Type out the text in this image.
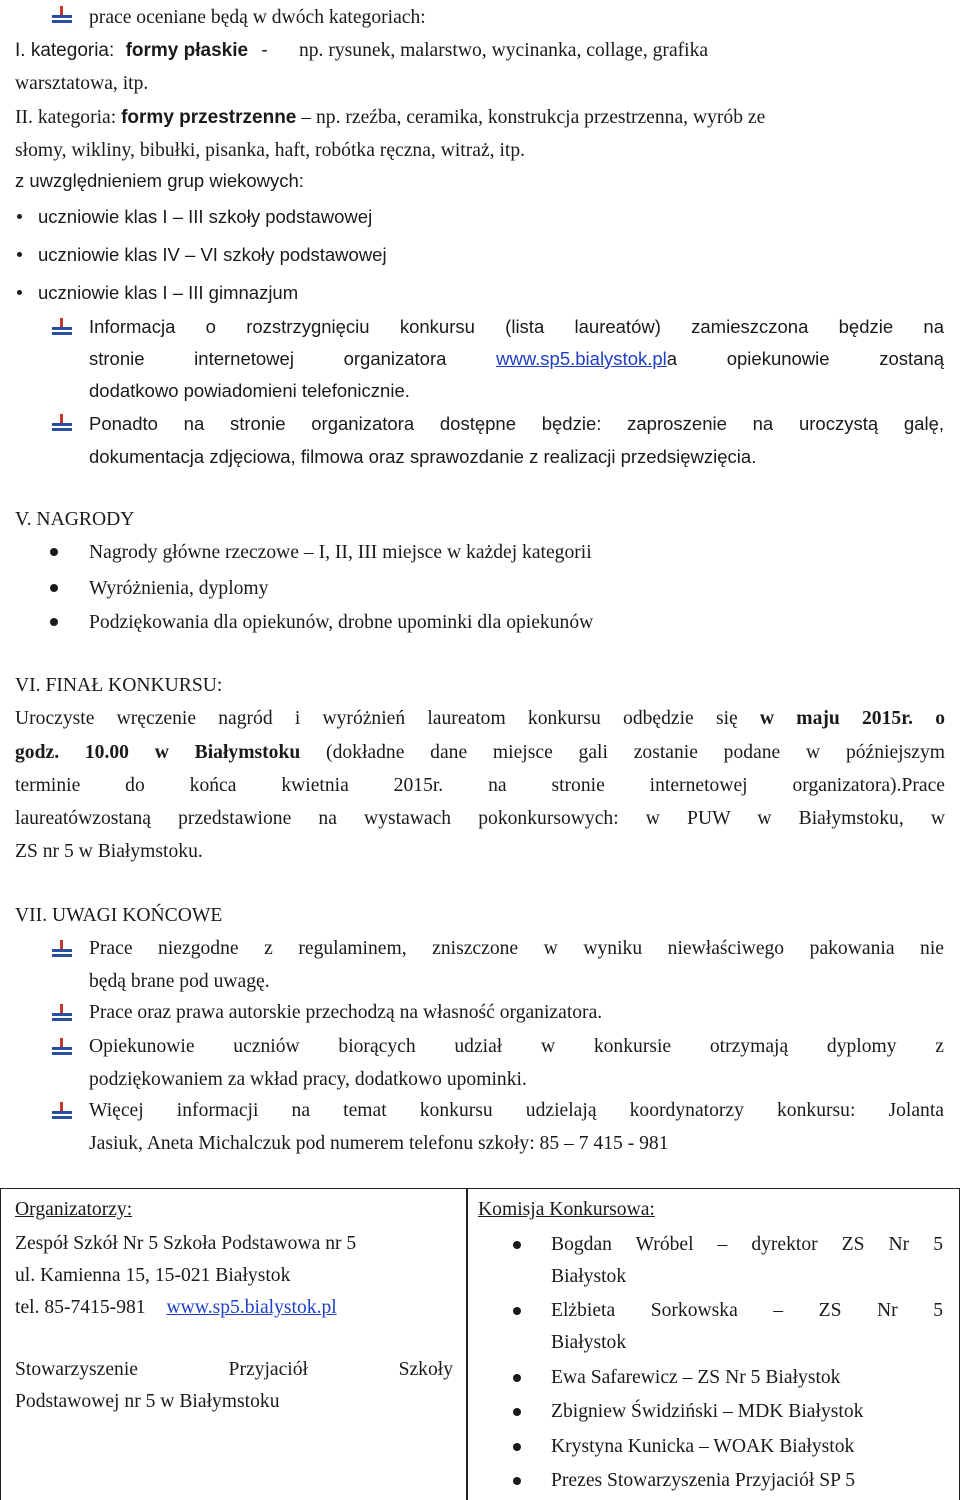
prace oceniane będą w dwóch kategoriach:
I. kategoria: formy płaskie - np. rysunek, malarstwo, wycinanka, collage, grafika
warsztatowa, itp.
II. kategoria: formy przestrzenne – np. rzeźba, ceramika, konstrukcja przestrzenna, wyrób ze
słomy, wikliny, bibułki, pisanka, haft, robótka ręczna, witraż, itp.
z uwzględnieniem grup wiekowych:
uczniowie klas I – III szkoły podstawowej
uczniowie klas IV – VI szkoły podstawowej
uczniowie klas I – III gimnazjum
Informacja o rozstrzygnięciu konkursu (lista laureatów) zamieszczona będzie na
stronie internetowej organizatora	www.sp5.bialystok.pla opiekunowie zostaną
dodatkowo powiadomieni telefonicznie.
Ponadto na stronie organizatora dostępne będzie: zaproszenie na uroczystą galę,
dokumentacja zdjęciowa, filmowa oraz sprawozdanie z realizacji przedsięwzięcia.
V. NAGRODY
Nagrody główne rzeczowe – I, II, III miejsce w każdej kategorii
Wyróżnienia, dyplomy
Podziękowania dla opiekunów, drobne upominki dla opiekunów
VI. FINAŁ KONKURSU:
Uroczyste wręczenie nagród i wyróżnień laureatom konkursu odbędzie się w maju 2015r. o
godz. 10.00 w Białymstoku (dokładne dane miejsce gali zostanie podane w późniejszym
terminie do końca kwietnia 2015r. na stronie internetowej organizatora).Prace
laureatówzostaną przedstawione na wystawach pokonkursowych: w PUW w Białymstoku, w
ZS nr 5 w Białymstoku.
VII. UWAGI KOŃCOWE
Prace niezgodne z regulaminem, zniszczone w wyniku niewłaściwego pakowania nie
będą brane pod uwagę.
Prace oraz prawa autorskie przechodzą na własność organizatora.
Opiekunowie uczniów biorących udział w konkursie otrzymają dyplomy z
podziękowaniem za wkład pracy, dodatkowo upominki.
Więcej informacji na temat konkursu udzielają koordynatorzy konkursu: Jolanta
Jasiuk, Aneta Michalczuk pod numerem telefonu szkoły: 85 – 7 415 - 981
Organizatorzy:
Zespół Szkół Nr 5 Szkoła Podstawowa nr 5
ul. Kamienna 15, 15-021 Białystok
tel. 85-7415-981 www.sp5.bialystok.pl
Stowarzyszenie Przyjaciół Szkoły
Podstawowej nr 5 w Białymstoku
Komisja Konkursowa:
Bogdan Wróbel – dyrektor ZS Nr 5
Białystok
Elżbieta Sorkowska – ZS Nr 5
Białystok
Ewa Safarewicz – ZS Nr 5 Białystok
Zbigniew Świdziński – MDK Białystok
Krystyna Kunicka – WOAK Białystok
Prezes Stowarzyszenia Przyjaciół SP 5
